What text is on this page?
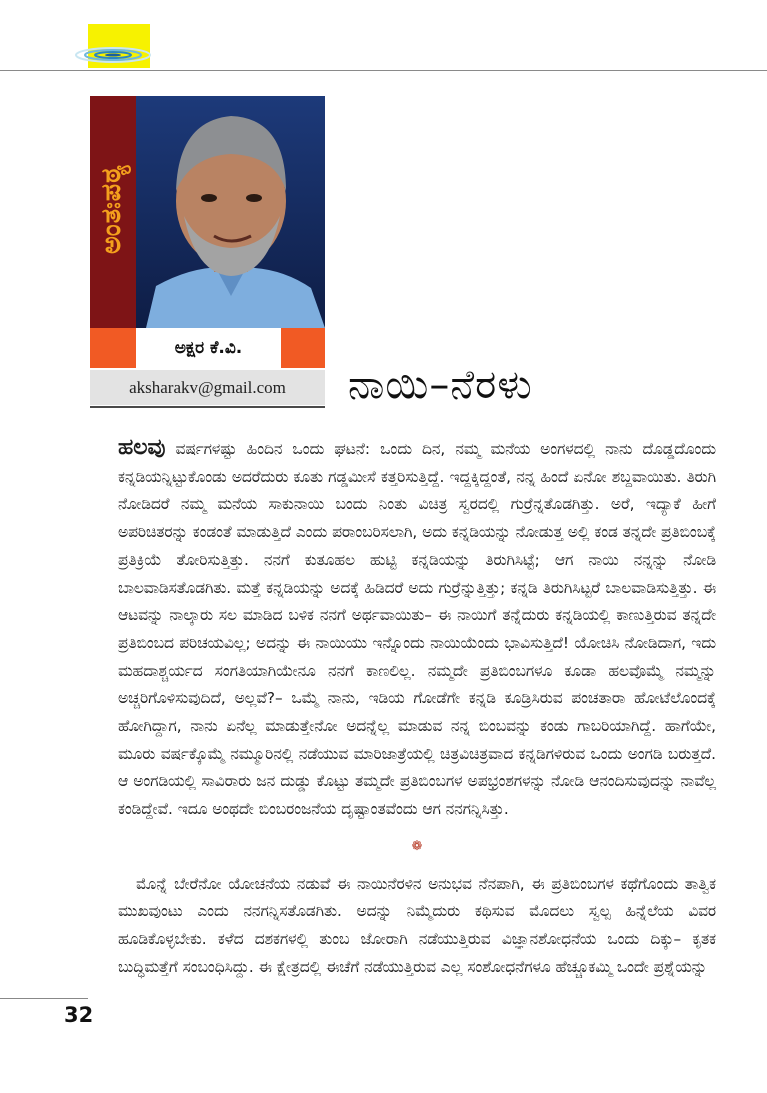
ಅಂತಃಪಠ್ಯ
ಅಕ್ಷರ ಕೆ.ವಿ.
aksharakv@gmail.com	ನಾಯಿ–ನೆರಳು

ಹಲವು ವರ್ಷಗಳಷ್ಟು ಹಿಂದಿನ ಒಂದು ಘಟನೆ: ಒಂದು ದಿನ, ನಮ್ಮ ಮನೆಯ ಅಂಗಳದಲ್ಲಿ ನಾನು ದೊಡ್ಡದೊಂದು ಕನ್ನಡಿಯನ್ನಿಟ್ಟುಕೊಂಡು ಅದರೆದುರು ಕೂತು ಗಡ್ಡಮೀಸೆ ಕತ್ತರಿಸುತ್ತಿದ್ದೆ. ಇದ್ದಕ್ಕಿದ್ದಂತೆ, ನನ್ನ ಹಿಂದೆ ಏನೋ ಶಬ್ದವಾಯಿತು. ತಿರುಗಿ ನೋಡಿದರೆ ನಮ್ಮ ಮನೆಯ ಸಾಕುನಾಯಿ ಬಂದು ನಿಂತು ವಿಚಿತ್ರ ಸ್ವರದಲ್ಲಿ ಗುರ್ರೆನ್ನತೊಡಗಿತ್ತು. ಅರೆ, ಇದ್ಯಾಕೆ ಹೀಗೆ ಅಪರಿಚಿತರನ್ನು ಕಂಡಂತೆ ಮಾಡುತ್ತಿದೆ ಎಂದು ಪರಾಂಬರಿಸಲಾಗಿ, ಅದು ಕನ್ನಡಿಯನ್ನು ನೋಡುತ್ತ ಅಲ್ಲಿ ಕಂಡ ತನ್ನದೇ ಪ್ರತಿಬಿಂಬಕ್ಕೆ ಪ್ರತಿಕ್ರಿಯೆ ತೋರಿಸುತ್ತಿತ್ತು. ನನಗೆ ಕುತೂಹಲ ಹುಟ್ಟಿ ಕನ್ನಡಿಯನ್ನು ತಿರುಗಿಸಿಟ್ಟೆ; ಆಗ ನಾಯಿ ನನ್ನನ್ನು ನೋಡಿ ಬಾಲವಾಡಿಸತೊಡಗಿತು. ಮತ್ತೆ ಕನ್ನಡಿಯನ್ನು ಅದಕ್ಕೆ ಹಿಡಿದರೆ ಅದು ಗುರ್ರೆನ್ನುತ್ತಿತ್ತು; ಕನ್ನಡಿ ತಿರುಗಿಸಿಟ್ಟರೆ ಬಾಲವಾಡಿಸುತ್ತಿತ್ತು. ಈ ಆಟವನ್ನು ನಾಲ್ಕಾರು ಸಲ ಮಾಡಿದ ಬಳಿಕ ನನಗೆ ಅರ್ಥವಾಯಿತು– ಈ ನಾಯಿಗೆ ತನ್ನೆದುರು ಕನ್ನಡಿಯಲ್ಲಿ ಕಾಣುತ್ತಿರುವ ತನ್ನದೇ ಪ್ರತಿಬಿಂಬದ ಪರಿಚಯವಿಲ್ಲ; ಅದನ್ನು ಈ ನಾಯಿಯು ಇನ್ನೊಂದು ನಾಯಿಯೆಂದು ಭಾವಿಸುತ್ತಿದೆ! ಯೋಚಿಸಿ ನೋಡಿದಾಗ, ಇದು ಮಹದಾಶ್ಚರ್ಯದ ಸಂಗತಿಯಾಗಿಯೇನೂ ನನಗೆ ಕಾಣಲಿಲ್ಲ. ನಮ್ಮದೇ ಪ್ರತಿಬಿಂಬಗಳೂ ಕೂಡಾ ಹಲವೊಮ್ಮೆ ನಮ್ಮನ್ನು ಅಚ್ಚರಿಗೊಳಿಸುವುದಿದೆ, ಅಲ್ಲವೆ?– ಒಮ್ಮೆ ನಾನು, ಇಡಿಯ ಗೋಡೆಗೇ ಕನ್ನಡಿ ಕೂಡ್ರಿಸಿರುವ ಪಂಚತಾರಾ ಹೋಟೆಲೊಂದಕ್ಕೆ ಹೋಗಿದ್ದಾಗ, ನಾನು ಏನೆಲ್ಲ ಮಾಡುತ್ತೇನೋ ಅದನ್ನೆಲ್ಲ ಮಾಡುವ ನನ್ನ ಬಿಂಬವನ್ನು ಕಂಡು ಗಾಬರಿಯಾಗಿದ್ದೆ. ಹಾಗೆಯೇ, ಮೂರು ವರ್ಷಕ್ಕೊಮ್ಮೆ ನಮ್ಮೂರಿನಲ್ಲಿ ನಡೆಯುವ ಮಾರಿಜಾತ್ರೆಯಲ್ಲಿ ಚಿತ್ರವಿಚಿತ್ರವಾದ ಕನ್ನಡಿಗಳಿರುವ ಒಂದು ಅಂಗಡಿ ಬರುತ್ತದೆ. ಆ ಅಂಗಡಿಯಲ್ಲಿ ಸಾವಿರಾರು ಜನ ದುಡ್ಡು ಕೊಟ್ಟು ತಮ್ಮದೇ ಪ್ರತಿಬಿಂಬಗಳ ಅಪಭ್ರಂಶಗಳನ್ನು ನೋಡಿ ಆನಂದಿಸುವುದನ್ನು ನಾವೆಲ್ಲ ಕಂಡಿದ್ದೇವೆ. ಇದೂ ಅಂಥದೇ ಬಿಂಬರಂಜನೆಯ ದೃಷ್ಟಾಂತವೆಂದು ಆಗ ನನಗನ್ನಿಸಿತ್ತು.

❁

ಮೊನ್ನೆ ಬೇರೆನೋ ಯೋಚನೆಯ ನಡುವೆ ಈ ನಾಯಿನೆರಳಿನ ಅನುಭವ ನೆನಪಾಗಿ, ಈ ಪ್ರತಿಬಿಂಬಗಳ ಕಥೆಗೊಂದು ತಾತ್ವಿಕ ಮುಖವುಂಟು ಎಂದು ನನಗನ್ನಿಸತೊಡಗಿತು. ಅದನ್ನು ನಿಮ್ಮೆದುರು ಕಥಿಸುವ ಮೊದಲು ಸ್ವಲ್ಪ ಹಿನ್ನೆಲೆಯ ವಿವರ ಹೂಡಿಕೊಳ್ಳಬೇಕು. ಕಳೆದ ದಶಕಗಳಲ್ಲಿ ತುಂಬ ಜೋರಾಗಿ ನಡೆಯುತ್ತಿರುವ ವಿಜ್ಞಾನಶೋಧನೆಯ ಒಂದು ದಿಕ್ಕು– ಕೃತಕ ಬುದ್ಧಿಮತ್ತೆಗೆ ಸಂಬಂಧಿಸಿದ್ದು. ಈ ಕ್ಷೇತ್ರದಲ್ಲಿ ಈಚೆಗೆ ನಡೆಯುತ್ತಿರುವ ಎಲ್ಲ ಸಂಶೋಧನೆಗಳೂ ಹೆಚ್ಚೂಕಮ್ಮಿ ಒಂದೇ ಪ್ರಶ್ನೆಯನ್ನು

32
